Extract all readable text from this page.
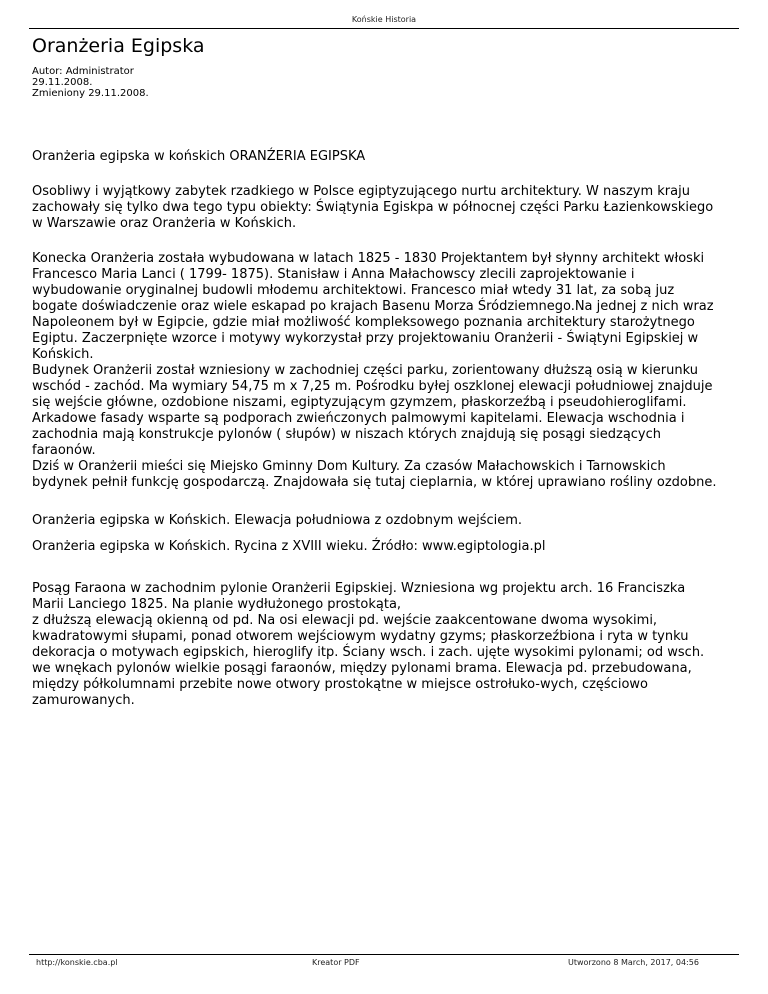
Końskie Historia
Oranżeria Egipska
Autor: Administrator
29.11.2008.
Zmieniony 29.11.2008.

Oranżeria egipska w końskich ORANŹERIA EGIPSKA

Osobliwy i wyjątkowy zabytek rzadkiego w Polsce egiptyzującego nurtu architektury. W naszym kraju
zachowały się tylko dwa tego typu obiekty: Świątynia Egiskpa w północnej części Parku Łazienkowskiego
w Warszawie oraz Oranżeria w Końskich.

Konecka Oranżeria została wybudowana w latach 1825 - 1830 Projektantem był słynny architekt włoski
Francesco Maria Lanci ( 1799- 1875). Stanisław i Anna Małachowscy zlecili zaprojektowanie i
wybudowanie oryginalnej budowli młodemu architektowi. Francesco miał wtedy 31 lat, za sobą juz
bogate doświadczenie oraz wiele eskapad po krajach Basenu Morza Śródziemnego.Na jednej z nich wraz
Napoleonem był w Egipcie, gdzie miał możliwość kompleksowego poznania architektury starożytnego
Egiptu. Zaczerpnięte wzorce i motywy wykorzystał przy projektowaniu Oranżerii - Świątyni Egipskiej w
Końskich.
Budynek Oranżerii został wzniesiony w zachodniej części parku, zorientowany dłuższą osią w kierunku
wschód - zachód. Ma wymiary 54,75 m x 7,25 m. Pośrodku byłej oszklonej elewacji południowej znajduje
się wejście główne, ozdobione niszami, egiptyzującym gzymzem, płaskorzeźbą i pseudohieroglifami.
Arkadowe fasady wsparte są podporach zwieńczonych palmowymi kapitelami. Elewacja wschodnia i
zachodnia mają konstrukcje pylonów ( słupów) w niszach których znajdują się posągi siedzących
faraonów.
Dziś w Oranżerii mieści się Miejsko Gminny Dom Kultury. Za czasów Małachowskich i Tarnowskich
bydynek pełnił funkcję gospodarczą. Znajdowała się tutaj cieplarnia, w której uprawiano rośliny ozdobne.

Oranżeria egipska w Końskich. Elewacja południowa z ozdobnym wejściem.

Oranżeria egipska w Końskich. Rycina z XVIII wieku. Źródło: www.egiptologia.pl

Posąg Faraona w zachodnim pylonie Oranżerii Egipskiej. Wzniesiona wg projektu arch. 16 Franciszka
Marii Lanciego 1825. Na planie wydłużonego prostokąta,
z dłuższą elewacją okienną od pd. Na osi elewacji pd. wejście zaakcentowane dwoma wysokimi,
kwadratowymi słupami, ponad otworem wejściowym wydatny gzyms; płaskorzeźbiona i ryta w tynku
dekoracja o motywach egipskich, hieroglify itp. Ściany wsch. i zach. ujęte wysokimi pylonami; od wsch.
we wnękach pylonów wielkie posągi faraonów, między pylonami brama. Elewacja pd. przebudowana,
między półkolumnami przebite nowe otwory prostokątne w miejsce ostrołuko-wych, częściowo
zamurowanych.

http://konskie.cba.pl	Kreator PDF	Utworzono 8 March, 2017, 04:56
